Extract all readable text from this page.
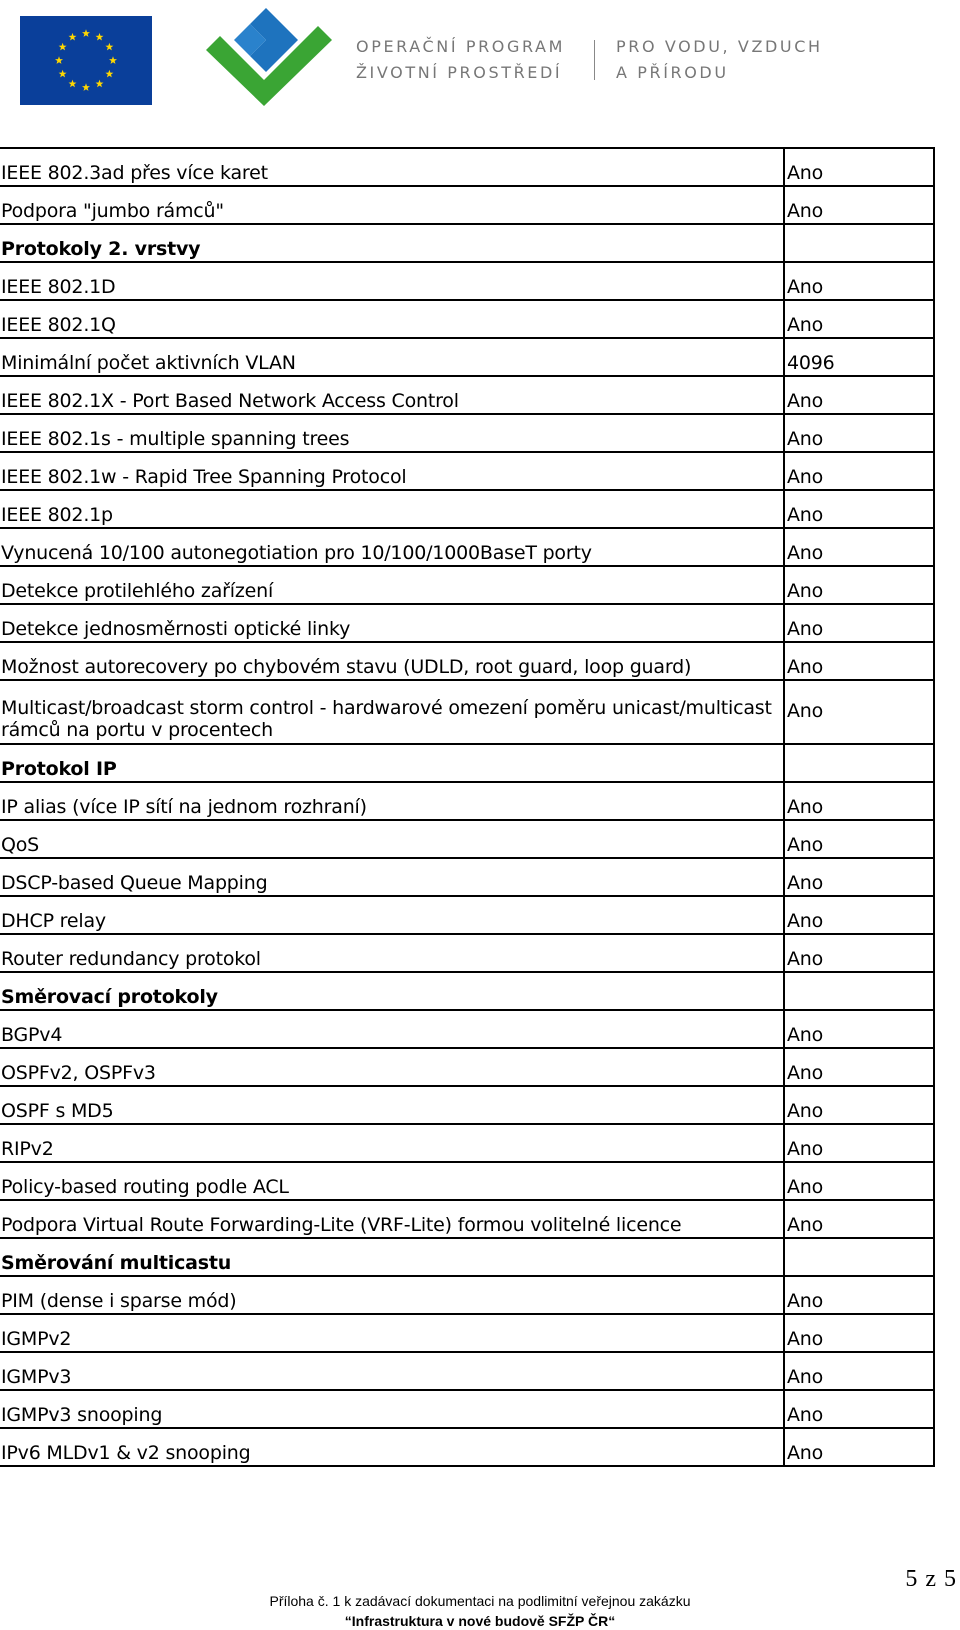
OPERAČNÍ PROGRAM
ŽIVOTNÍ PROSTŘEDÍ
PRO VODU, VZDUCH
A PŘÍRODU
IEEE 802.3ad přes více karet	Ano

Podpora "jumbo rámců"	Ano

Protokoly 2. vrstvy	

IEEE 802.1D	Ano

IEEE 802.1Q	Ano

Minimální počet aktivních VLAN	4096

IEEE 802.1X - Port Based Network Access Control	Ano

IEEE 802.1s - multiple spanning trees	Ano

IEEE 802.1w - Rapid Tree Spanning Protocol	Ano

IEEE 802.1p	Ano

Vynucená 10/100 autonegotiation pro 10/100/1000BaseT porty	Ano

Detekce protilehlého zařízení	Ano

Detekce jednosměrnosti optické linky	Ano

Možnost autorecovery po chybovém stavu (UDLD, root guard, loop guard)	Ano

Multicast/broadcast storm control - hardwarové omezení poměru unicast/multicast rámců na portu v procentech	Ano

Protokol IP	

IP alias (více IP sítí na jednom rozhraní)	Ano

QoS	Ano

DSCP-based Queue Mapping	Ano

DHCP relay	Ano

Router redundancy protokol	Ano

Směrovací protokoly	

BGPv4	Ano

OSPFv2, OSPFv3	Ano

OSPF s MD5	Ano

RIPv2	Ano

Policy-based routing podle ACL	Ano

Podpora Virtual Route Forwarding-Lite (VRF-Lite) formou volitelné licence	Ano

Směrování multicastu	

PIM (dense i sparse mód)	Ano

IGMPv2	Ano

IGMPv3	Ano

IGMPv3 snooping	Ano

IPv6 MLDv1 & v2 snooping	Ano
5 z 5
Příloha č. 1 k zadávací dokumentaci na podlimitní veřejnou zakázku
“Infrastruktura v nové budově SFŽP ČR“
